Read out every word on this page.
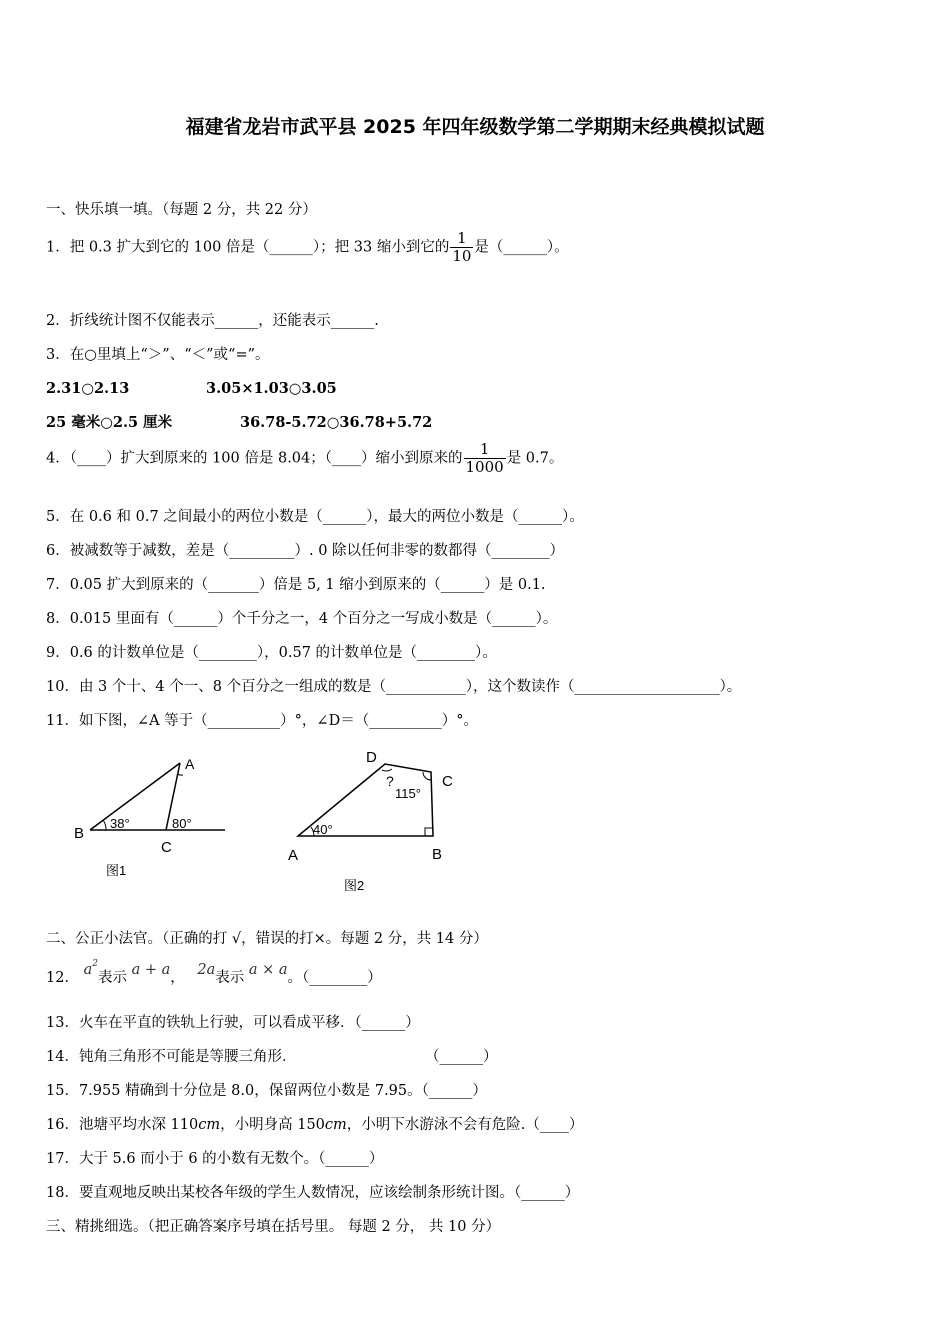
福建省龙岩市武平县 2025 年四年级数学第二学期期末经典模拟试题
一、快乐填一填。（每题 2 分，共 22 分）
1．把 0.3 扩大到它的 100 倍是（______）；把 33 缩小到它的 $\frac{1}{10}$ 是（______）。
2．折线统计图不仅能表示______，还能表示______.
3．在○里填上“＞”、“＜”或“=”。
2.31○2.13	3.05×1.03○3.05
25 毫米○2.5 厘米	36.78-5.72○36.78+5.72
4．（____）扩大到原来的 100 倍是 8.04；（____）缩小到原来的 $\frac{1}{1000}$ 是 0.7。
5．在 0.6 和 0.7 之间最小的两位小数是（______），最大的两位小数是（______）。
6．被减数等于减数，差是（_________）. 0 除以任何非零的数都得（________）
7．0.05 扩大到原来的（_______）倍是 5, 1 缩小到原来的（______）是 0.1.
8．0.015 里面有（______）个千分之一，4 个百分之一写成小数是（______）。
9．0.6 的计数单位是（________），0.57 的计数单位是（________）。
10．由 3 个十、4 个一、8 个百分之一组成的数是（___________），这个数读作（____________________）。
11．如下图，∠A 等于（__________）°，∠D＝（__________）°。
B
A
C
38°	80°
图1
D
C
A	B
40°
115°
?
图2
二、公正小法官。（正确的打 √，错误的打×。每题 2 分，共 14 分）
12． $a^2$表示 a + a， 2a表示 a × a。（________）
13．火车在平直的铁轨上行驶，可以看成平移．（______）
14．钝角三角形不可能是等腰三角形．	（______）
15．7.955 精确到十分位是 8.0，保留两位小数是 7.95。（______）
16．池塘平均水深 110cm，小明身高 150cm，小明下水游泳不会有危险.（____）
17．大于 5.6 而小于 6 的小数有无数个。（______）
18．要直观地反映出某校各年级的学生人数情况，应该绘制条形统计图。（______）
三、精挑细选。（把正确答案序号填在括号里。 每题 2 分， 共 10 分）
